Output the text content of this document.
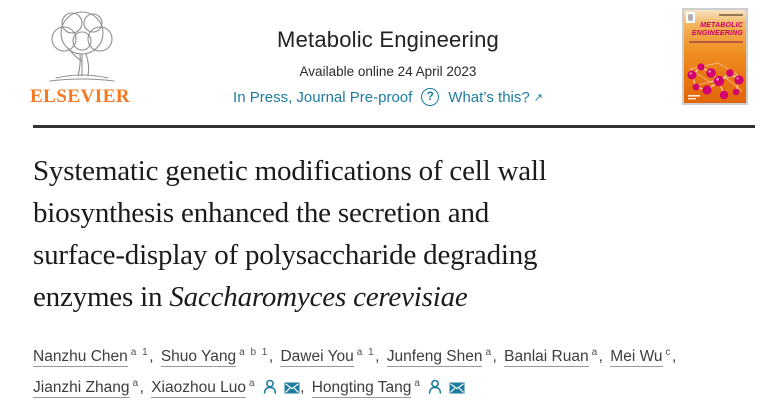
ELSEVIER
Metabolic Engineering
Available online 24 April 2023
In Press, Journal Pre-proof	? What’s this? ↗
METABOLIC
ENGINEERING
Systematic genetic modifications of cell wall
biosynthesis enhanced the secretion and
surface-display of polysaccharide degrading
enzymes in Saccharomyces cerevisiae
Nanzhu Chen $^{a 1}$, Shuo Yang $^{a b 1}$, Dawei You $^{a 1}$, Junfeng Shen $^a$, Banlai Ruan $^a$, Mei Wu $^c$,
Jianzhi Zhang $^a$, Xiaozhou Luo $^a$	, Hongting Tang $^a$
